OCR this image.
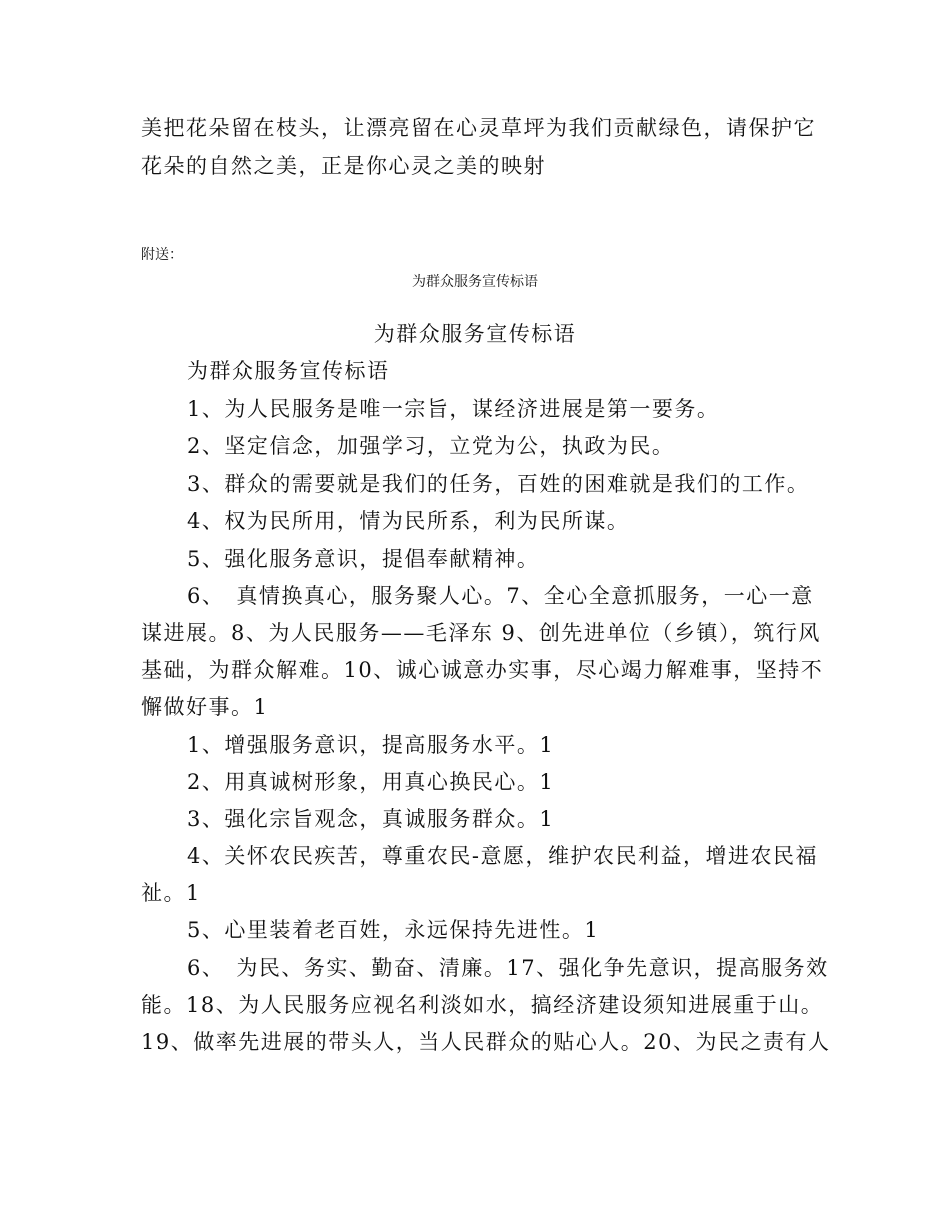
美把花朵留在枝头，让漂亮留在心灵草坪为我们贡献绿色，请保护它
花朵的自然之美，正是你心灵之美的映射
附送：
为群众服务宣传标语
为群众服务宣传标语
为群众服务宣传标语
1、为人民服务是唯一宗旨，谋经济进展是第一要务。
2、坚定信念，加强学习，立党为公，执政为民。
3、群众的需要就是我们的任务，百姓的困难就是我们的工作。
4、权为民所用，情为民所系，利为民所谋。
5、强化服务意识，提倡奉献精神。
6、　真情换真心，服务聚人心。7、全心全意抓服务，一心一意
谋进展。8、为人民服务——毛泽东 9、创先进单位（乡镇），筑行风
基础，为群众解难。10、诚心诚意办实事，尽心竭力解难事，坚持不
懈做好事。1
1、增强服务意识，提高服务水平。1
2、用真诚树形象，用真心换民心。1
3、强化宗旨观念，真诚服务群众。1
4、关怀农民疾苦，尊重农民-意愿，维护农民利益，增进农民福
祉。1
5、心里装着老百姓，永远保持先进性。1
6、　为民、务实、勤奋、清廉。17、强化争先意识，提高服务效
能。18、为人民服务应视名利淡如水，搞经济建设须知进展重于山。
19、做率先进展的带头人，当人民群众的贴心人。20、为民之责有人
